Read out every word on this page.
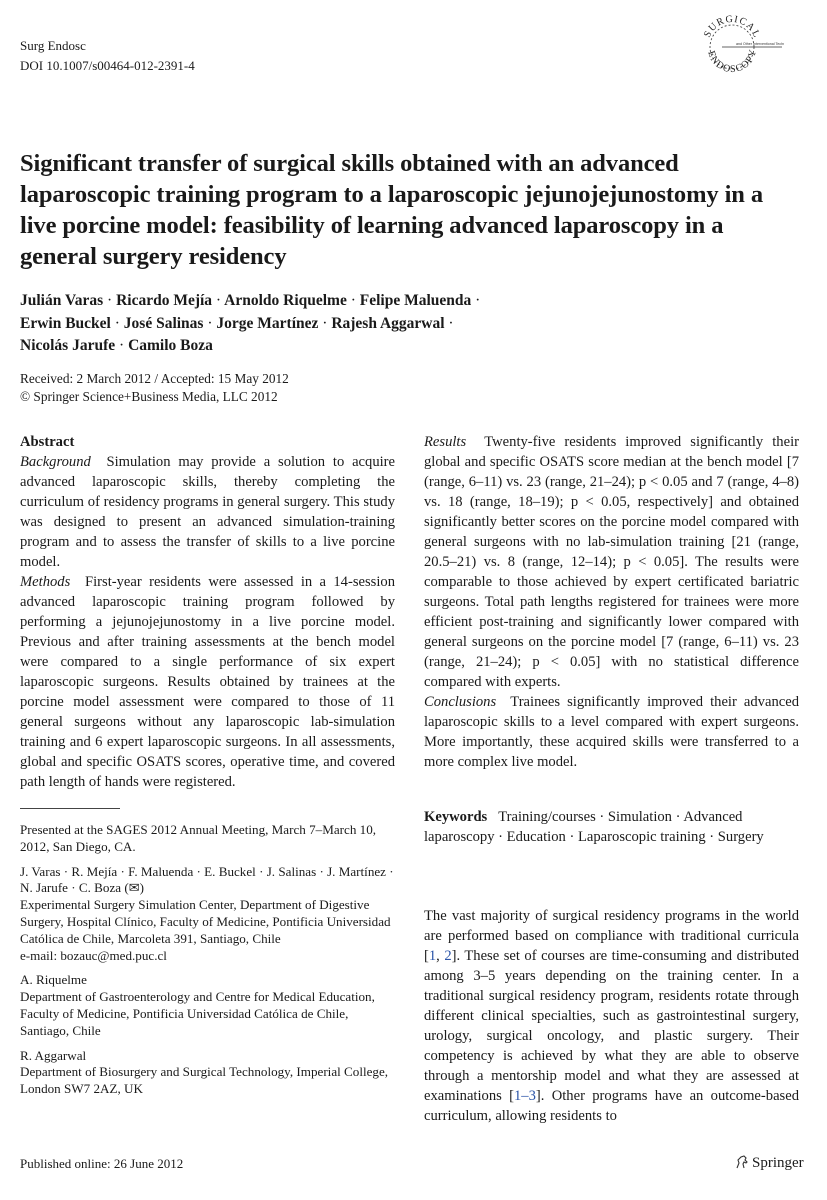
Surg Endosc
DOI 10.1007/s00464-012-2391-4
SURGICAL
ENDOSCOPY
and Other Interventional Tech
Significant transfer of surgical skills obtained with an advanced laparoscopic training program to a laparoscopic jejunojejunostomy in a live porcine model: feasibility of learning advanced laparoscopy in a general surgery residency
Julián Varas · Ricardo Mejía · Arnoldo Riquelme · Felipe Maluenda ·
Erwin Buckel · José Salinas · Jorge Martínez · Rajesh Aggarwal ·
Nicolás Jarufe · Camilo Boza
Received: 2 March 2012 / Accepted: 15 May 2012
© Springer Science+Business Media, LLC 2012

Abstract

Background Simulation may provide a solution to acquire advanced laparoscopic skills, thereby completing the curriculum of residency programs in general surgery. This study was designed to present an advanced simulation-training program and to assess the transfer of skills to a live porcine model.

Methods First-year residents were assessed in a 14-session advanced laparoscopic training program followed by performing a jejunojejunostomy in a live porcine model. Previous and after training assessments at the bench model were compared to a single performance of six expert laparoscopic surgeons. Results obtained by trainees at the porcine model assessment were compared to those of 11 general surgeons without any laparoscopic lab-simulation training and 6 expert laparoscopic surgeons. In all assessments, global and specific OSATS scores, operative time, and covered path length of hands were registered.

Results Twenty-five residents improved significantly their global and specific OSATS score median at the bench model [7 (range, 6–11) vs. 23 (range, 21–24); p < 0.05 and 7 (range, 4–8) vs. 18 (range, 18–19); p < 0.05, respectively] and obtained significantly better scores on the porcine model compared with general surgeons with no lab-simulation training [21 (range, 20.5–21) vs. 8 (range, 12–14); p < 0.05]. The results were comparable to those achieved by expert certificated bariatric surgeons. Total path lengths registered for trainees were more efficient post-training and significantly lower compared with general surgeons on the porcine model [7 (range, 6–11) vs. 23 (range, 21–24); p < 0.05] with no statistical difference compared with experts.

Conclusions Trainees significantly improved their advanced laparoscopic skills to a level compared with expert surgeons. More importantly, these acquired skills were transferred to a more complex live model.

Keywords Training/courses · Simulation · Advanced laparoscopy · Education · Laparoscopic training · Surgery

Presented at the SAGES 2012 Annual Meeting, March 7–March 10, 2012, San Diego, CA.

J. Varas · R. Mejía · F. Maluenda · E. Buckel · J. Salinas · J. Martínez · N. Jarufe · C. Boza (✉)
Experimental Surgery Simulation Center, Department of Digestive Surgery, Hospital Clínico, Faculty of Medicine, Pontificia Universidad Católica de Chile, Marcoleta 391, Santiago, Chile
e-mail: bozauc@med.puc.cl

A. Riquelme
Department of Gastroenterology and Centre for Medical Education, Faculty of Medicine, Pontificia Universidad Católica de Chile, Santiago, Chile

R. Aggarwal
Department of Biosurgery and Surgical Technology, Imperial College, London SW7 2AZ, UK

The vast majority of surgical residency programs in the world are performed based on compliance with traditional curricula [1, 2]. These set of courses are time-consuming and distributed among 3–5 years depending on the training center. In a traditional surgical residency program, residents rotate through different clinical specialties, such as gastrointestinal surgery, urology, surgical oncology, and plastic surgery. Their competency is achieved by what they are able to observe through a mentorship model and what they are assessed at examinations [1–3]. Other programs have an outcome-based curriculum, allowing residents to
Published online: 26 June 2012	Springer
